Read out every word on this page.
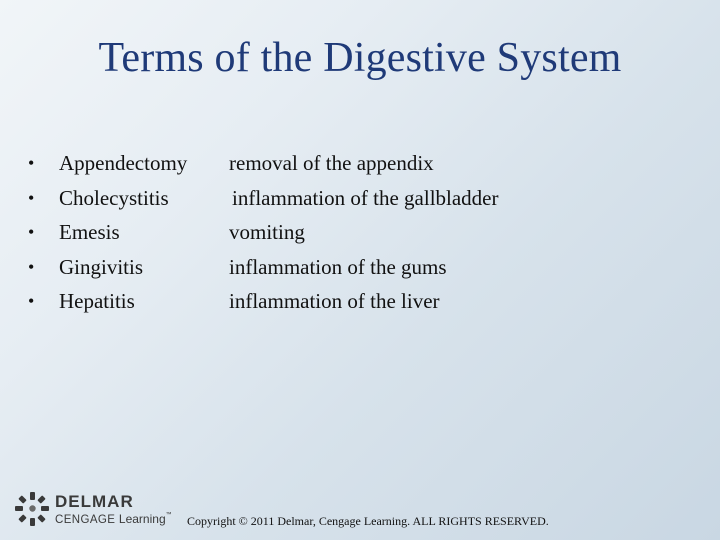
Terms of the Digestive System
•	Appendectomy removal of the appendix
•	Cholecystitis	inflammation of the gallbladder
•	Emesis	vomiting
•	Gingivitis	inflammation of the gums
•	Hepatitis	inflammation of the liver
DELMAR
CENGAGE Learning™ Copyright © 2011 Delmar, Cengage Learning. ALL RIGHTS RESERVED.
